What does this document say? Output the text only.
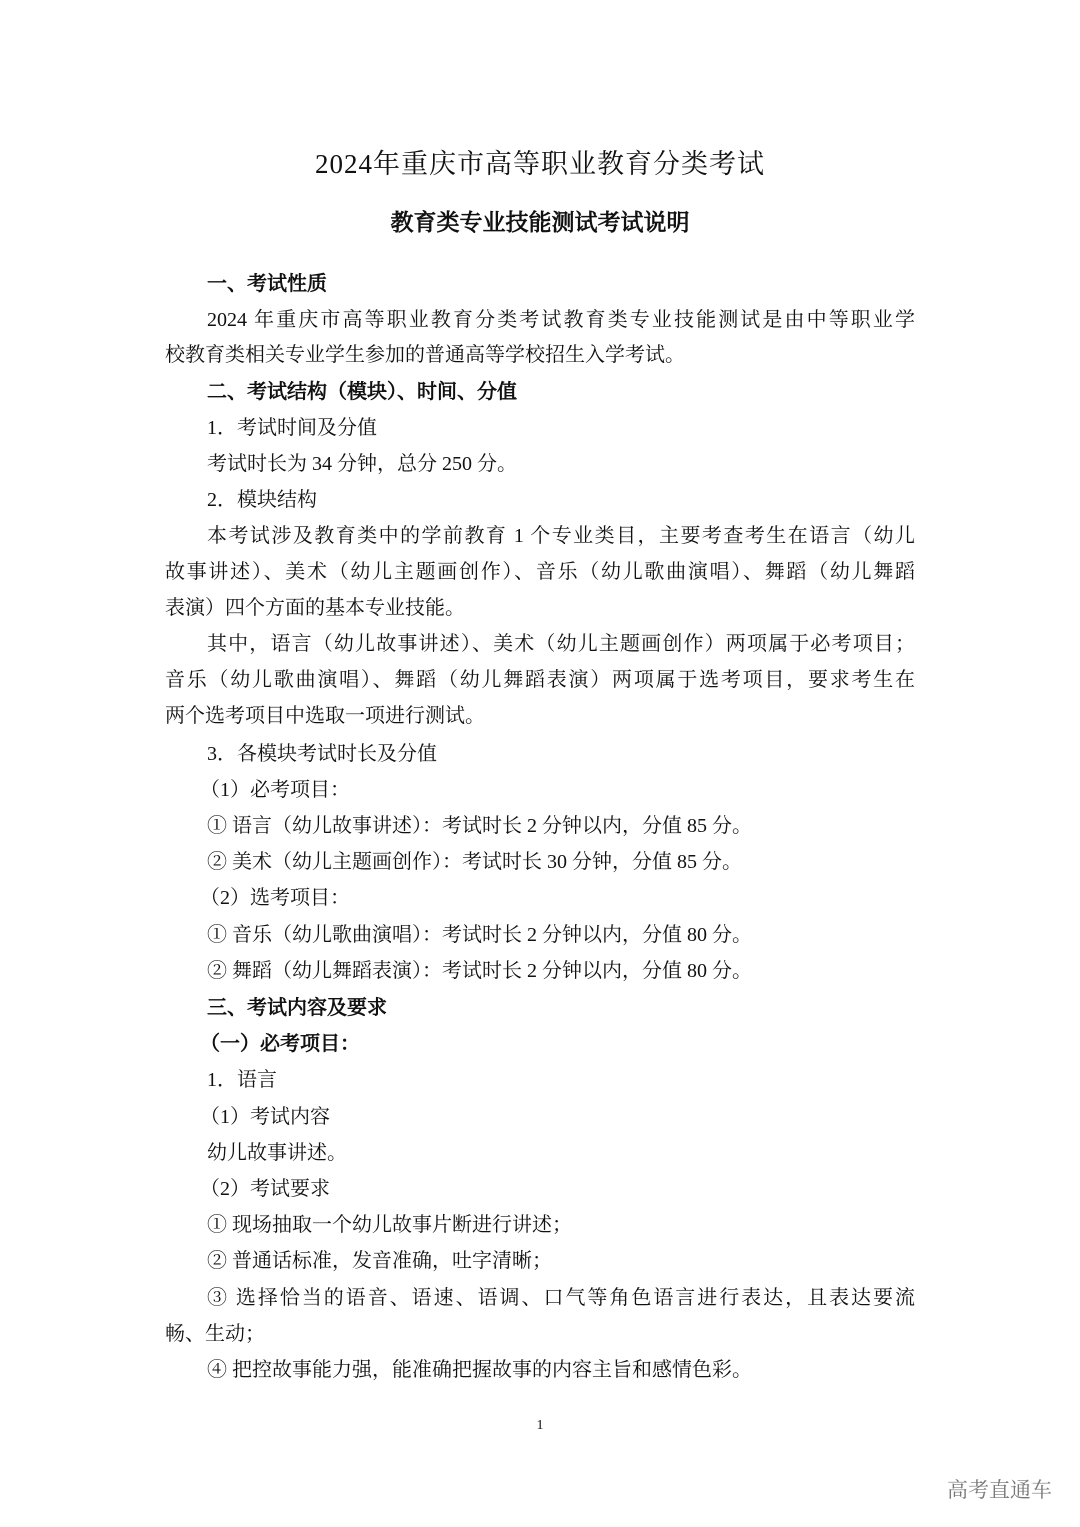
2024年重庆市高等职业教育分类考试
教育类专业技能测试考试说明
一、考试性质
2024 年重庆市高等职业教育分类考试教育类专业技能测试是由中等职业学
校教育类相关专业学生参加的普通高等学校招生入学考试。
二、考试结构（模块）、时间、分值
1．考试时间及分值
考试时长为 34 分钟，总分 250 分。
2．模块结构
本考试涉及教育类中的学前教育 1 个专业类目，主要考查考生在语言（幼儿
故事讲述）、美术（幼儿主题画创作）、音乐（幼儿歌曲演唱）、舞蹈（幼儿舞蹈
表演）四个方面的基本专业技能。
其中，语言（幼儿故事讲述）、美术（幼儿主题画创作）两项属于必考项目；
音乐（幼儿歌曲演唱）、舞蹈（幼儿舞蹈表演）两项属于选考项目，要求考生在
两个选考项目中选取一项进行测试。
3．各模块考试时长及分值
（1）必考项目：
① 语言（幼儿故事讲述）：考试时长 2 分钟以内，分值 85 分。
② 美术（幼儿主题画创作）：考试时长 30 分钟，分值 85 分。
（2）选考项目：
① 音乐（幼儿歌曲演唱）：考试时长 2 分钟以内，分值 80 分。
② 舞蹈（幼儿舞蹈表演）：考试时长 2 分钟以内，分值 80 分。
三、考试内容及要求
（一）必考项目：
1．语言
（1）考试内容
幼儿故事讲述。
（2）考试要求
① 现场抽取一个幼儿故事片断进行讲述；
② 普通话标准，发音准确，吐字清晰；
③ 选择恰当的语音、语速、语调、口气等角色语言进行表达，且表达要流
畅、生动；
④ 把控故事能力强，能准确把握故事的内容主旨和感情色彩。
1
高考直通车
